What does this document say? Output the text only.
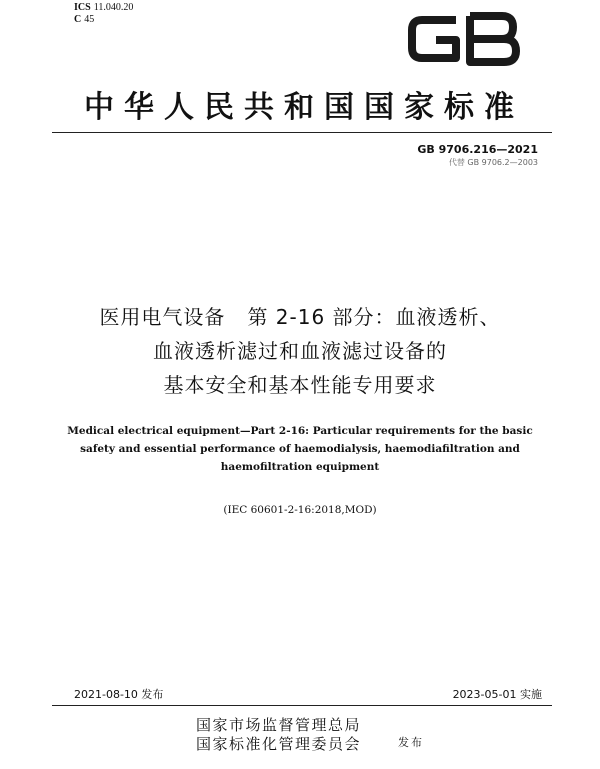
ICS 11.040.20
C 45
GB
中华人民共和国国家标准
GB 9706.216—2021
代替 GB 9706.2—2003
医用电气设备 第 2-16 部分：血液透析、
血液透析滤过和血液滤过设备的
基本安全和基本性能专用要求
Medical electrical equipment—Part 2-16: Particular requirements for the basic
safety and essential performance of haemodialysis, haemodiafiltration and
haemofiltration equipment
(IEC 60601-2-16:2018,MOD)
2021-08-10 发布	2023-05-01 实施
国家市场监督管理总局
国家标准化管理委员会	发布
